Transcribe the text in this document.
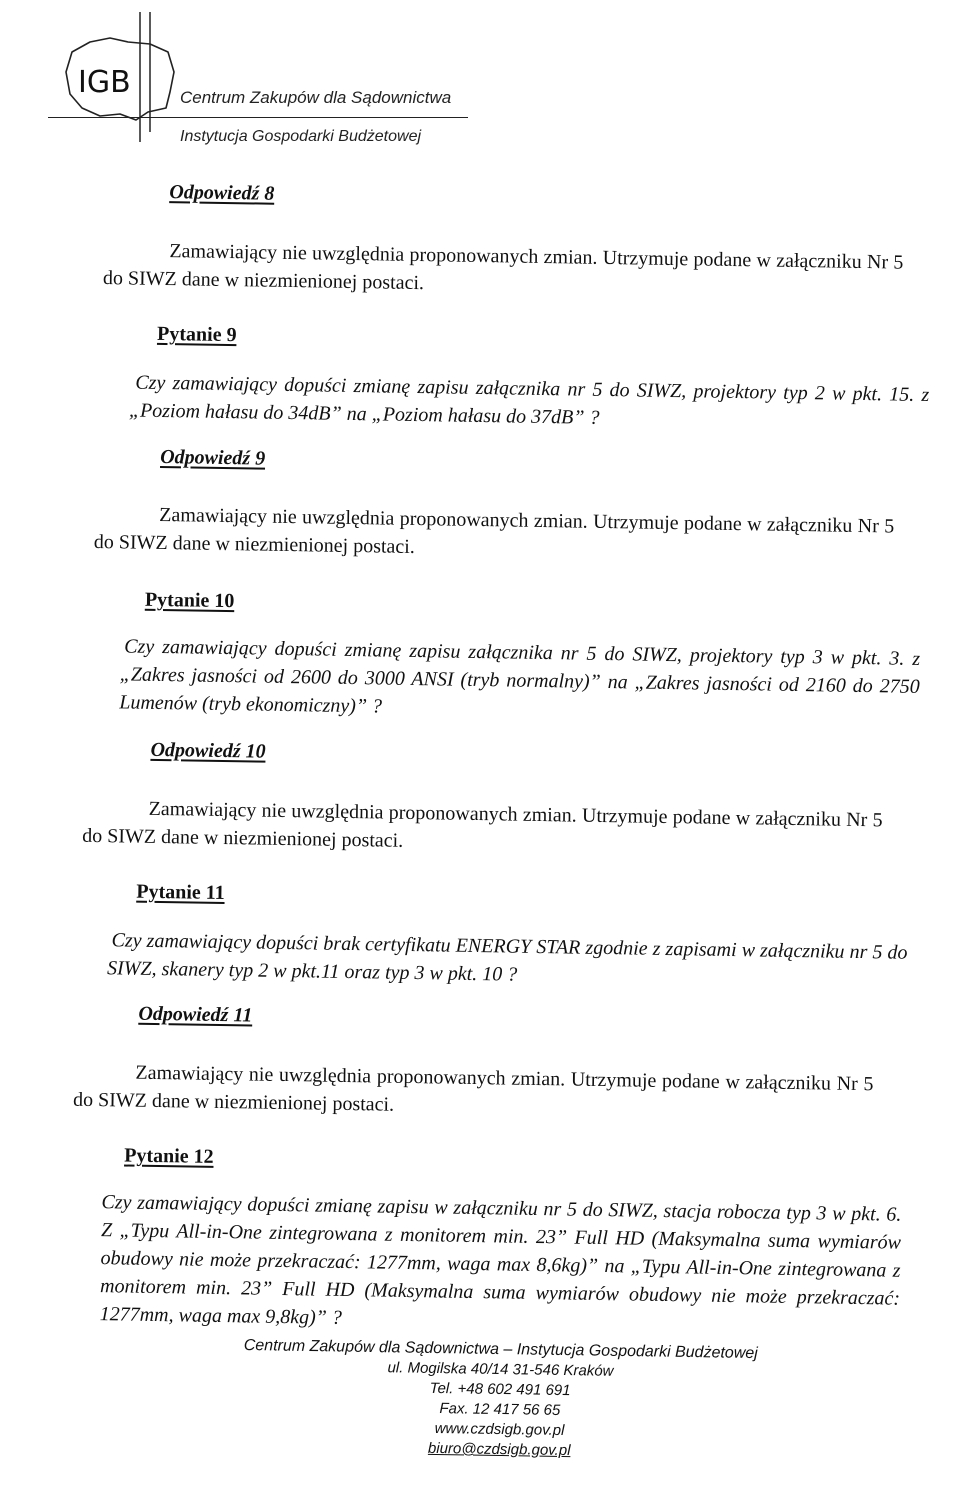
IGB	Centrum Zakupów dla Sądownictwa
Instytucja Gospodarki Budżetowej
Odpowiedź 8
Zamawiający nie uwzględnia proponowanych zmian. Utrzymuje podane w załączniku Nr 5 do SIWZ dane w niezmienionej postaci.
Pytanie 9
Czy zamawiający dopuści zmianę zapisu załącznika nr 5 do SIWZ, projektory typ 2 w pkt. 15. z „Poziom hałasu do 34dB” na „Poziom hałasu do 37dB” ?
Odpowiedź 9
Zamawiający nie uwzględnia proponowanych zmian. Utrzymuje podane w załączniku Nr 5 do SIWZ dane w niezmienionej postaci.
Pytanie 10
Czy zamawiający dopuści zmianę zapisu załącznika nr 5 do SIWZ, projektory typ 3 w pkt. 3. z „Zakres jasności od 2600 do 3000 ANSI (tryb normalny)” na „Zakres jasności od 2160 do 2750 Lumenów (tryb ekonomiczny)” ?
Odpowiedź 10
Zamawiający nie uwzględnia proponowanych zmian. Utrzymuje podane w załączniku Nr 5 do SIWZ dane w niezmienionej postaci.
Pytanie 11
Czy zamawiający dopuści brak certyfikatu ENERGY STAR zgodnie z zapisami w załączniku nr 5 do SIWZ, skanery typ 2 w pkt.11 oraz typ 3 w pkt. 10 ?
Odpowiedź 11
Zamawiający nie uwzględnia proponowanych zmian. Utrzymuje podane w załączniku Nr 5 do SIWZ dane w niezmienionej postaci.
Pytanie 12
Czy zamawiający dopuści zmianę zapisu w załączniku nr 5 do SIWZ, stacja robocza typ 3 w pkt. 6. Z „Typu All-in-One zintegrowana z monitorem min. 23” Full HD (Maksymalna suma wymiarów obudowy nie może przekraczać: 1277mm, waga max 8,6kg)” na „Typu All-in-One zintegrowana z monitorem min. 23” Full HD (Maksymalna suma wymiarów obudowy nie może przekraczać: 1277mm, waga max 9,8kg)” ?
Centrum Zakupów dla Sądownictwa – Instytucja Gospodarki Budżetowej
ul. Mogilska 40/14 31-546 Kraków
Tel. +48 602 491 691
Fax. 12 417 56 65
www.czdsigb.gov.pl
biuro@czdsigb.gov.pl
